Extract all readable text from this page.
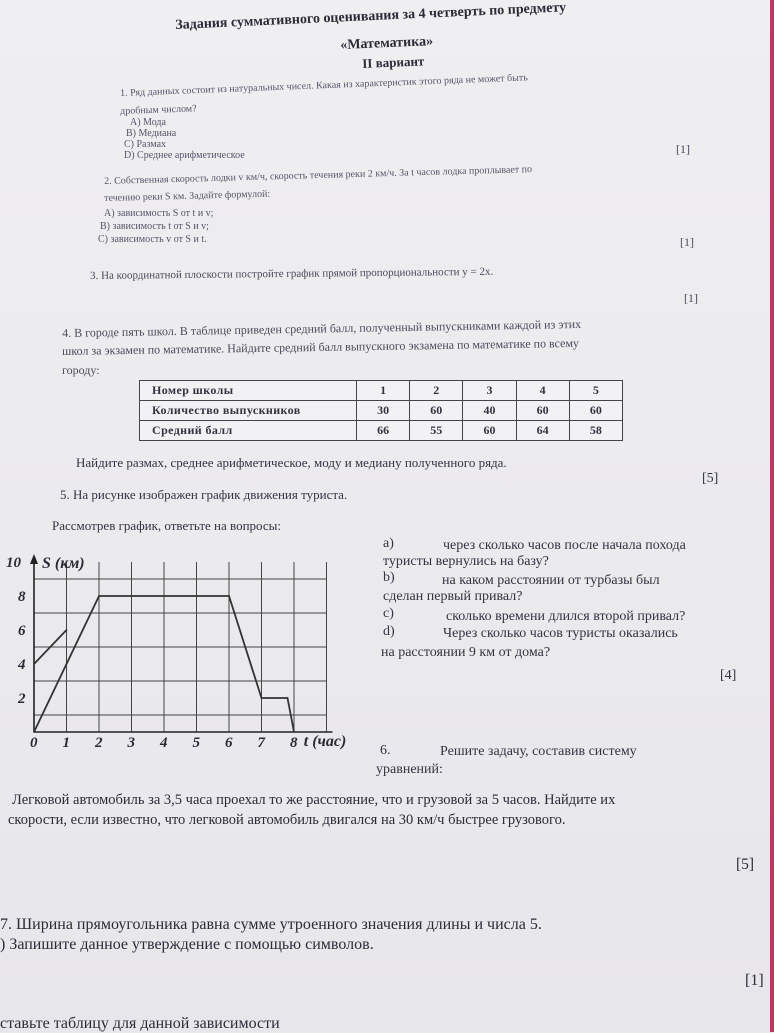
Задания суммативного оценивания за 4 четверть по предмету
«Математика»
II вариант
1. Ряд данных состоит из натуральных чисел. Какая из характеристик этого ряда не может быть
дробным числом?
А) Мода
В) Медиана
С) Размах
D) Среднее арифметическое	[1]
2. Собственная скорость лодки v км/ч, скорость течения реки 2 км/ч. За t часов лодка проплывает по
течению реки S км. Задайте формулой:
А) зависимость S от t и v;
В) зависимость t от S и v;
С) зависимость v от S и t.	[1]
3. На координатной плоскости постройте график прямой пропорциональности y = 2x.
[1]
4. В городе пять школ. В таблице приведен средний балл, полученный выпускниками каждой из этих
школ за экзамен по математике. Найдите средний балл выпускного экзамена по математике по всему
городу:
Номер школы	1	2	3	4	5
Количество выпускников	30	60	40	60	60
Средний балл	66	55	60	64	58
Найдите размах, среднее арифметическое, моду и медиану полученного ряда.
[5]
5. На рисунке изображен график движения туриста.
Рассмотрев график, ответьте на вопросы:
а)	через сколько часов после начала похода
туристы вернулись на базу?
b)	на каком расстоянии от турбазы был
сделан первый привал?
c)	сколько времени длился второй привал?
d)	Через сколько часов туристы оказались
на расстоянии 9 км от дома?
[4]
0 1 2 3 4 5 6 7 8
2
4
6
8
10
t (час)
S (км)
6.	Решите задачу, составив систему
уравнений:
Легковой автомобиль за 3,5 часа проехал то же расстояние, что и грузовой за 5 часов. Найдите их
скорости, если известно, что легковой автомобиль двигался на 30 км/ч быстрее грузового.
[5]
7. Ширина прямоугольника равна сумме утроенного значения длины и числа 5.
) Запишите данное утверждение с помощью символов.
[1]
ставьте таблицу для данной зависимости
